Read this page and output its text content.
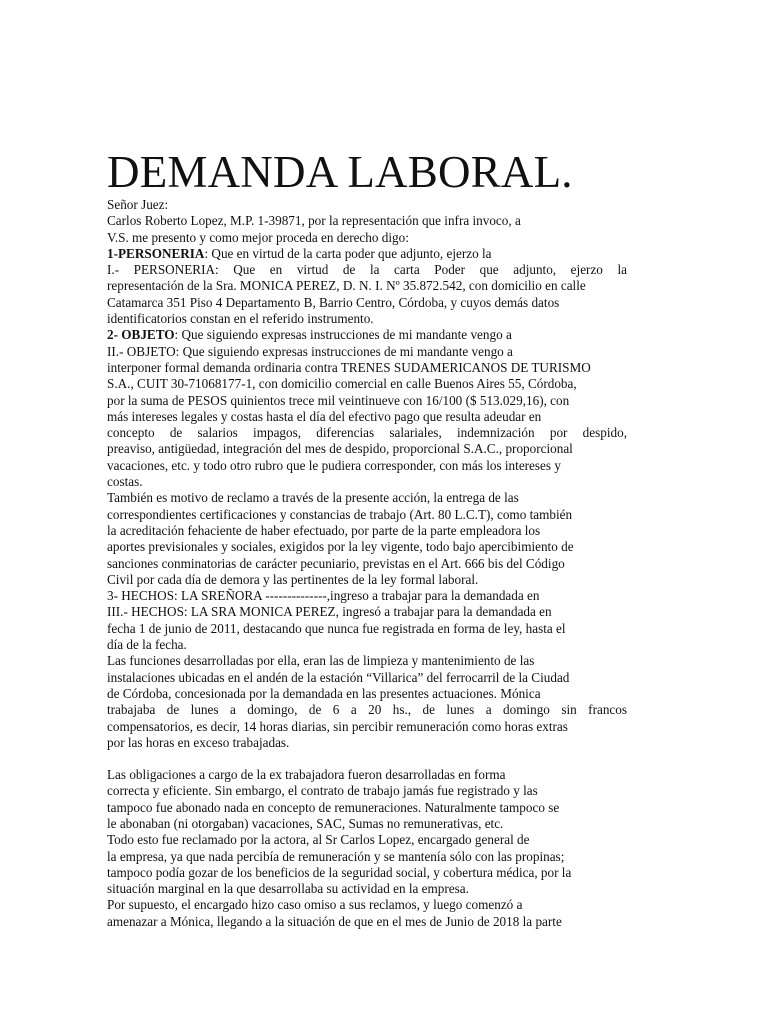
DEMANDA LABORAL.
Señor Juez:
Carlos Roberto Lopez, M.P. 1-39871, por la representación que infra invoco, a
V.S. me presento y como mejor proceda en derecho digo:
1-PERSONERIA: Que en virtud de la carta poder que adjunto, ejerzo la
I.- PERSONERIA: Que en virtud de la carta Poder que adjunto, ejerzo la
representación de la Sra. MONICA PEREZ, D. N. I. Nº 35.872.542, con domicilio en calle
Catamarca 351 Piso 4 Departamento B, Barrio Centro, Córdoba, y cuyos demás datos
identificatorios constan en el referido instrumento.
2- OBJETO: Que siguiendo expresas instrucciones de mi mandante vengo a
II.- OBJETO: Que siguiendo expresas instrucciones de mi mandante vengo a
interponer formal demanda ordinaria contra TRENES SUDAMERICANOS DE TURISMO
S.A., CUIT 30-71068177-1, con domicilio comercial en calle Buenos Aires 55, Córdoba,
por la suma de PESOS quinientos trece mil veintinueve con 16/100 ($ 513.029,16), con
más intereses legales y costas hasta el día del efectivo pago que resulta adeudar en
concepto de salarios impagos, diferencias salariales, indemnización por despido,
preaviso, antigüedad, integración del mes de despido, proporcional S.A.C., proporcional
vacaciones, etc. y todo otro rubro que le pudiera corresponder, con más los intereses y
costas.
También es motivo de reclamo a través de la presente acción, la entrega de las
correspondientes certificaciones y constancias de trabajo (Art. 80 L.C.T), como también
la acreditación fehaciente de haber efectuado, por parte de la parte empleadora los
aportes previsionales y sociales, exigidos por la ley vigente, todo bajo apercibimiento de
sanciones conminatorias de carácter pecuniario, previstas en el Art. 666 bis del Código
Civil por cada día de demora y las pertinentes de la ley formal laboral.
3- HECHOS: LA SREÑORA --------------,ingreso a trabajar para la demandada en
III.- HECHOS: LA SRA MONICA PEREZ, ingresó a trabajar para la demandada en
fecha 1 de junio de 2011, destacando que nunca fue registrada en forma de ley, hasta el
día de la fecha.
Las funciones desarrolladas por ella, eran las de limpieza y mantenimiento de las
instalaciones ubicadas en el andén de la estación “Villarica” del ferrocarril de la Ciudad
de Córdoba, concesionada por la demandada en las presentes actuaciones. Mónica
trabajaba de lunes a domingo, de 6 a 20 hs., de lunes a domingo sin francos
compensatorios, es decir, 14 horas diarias, sin percibir remuneración como horas extras
por las horas en exceso trabajadas.
Las obligaciones a cargo de la ex trabajadora fueron desarrolladas en forma
correcta y eficiente. Sin embargo, el contrato de trabajo jamás fue registrado y las
tampoco fue abonado nada en concepto de remuneraciones. Naturalmente tampoco se
le abonaban (ni otorgaban) vacaciones, SAC, Sumas no remunerativas, etc.
Todo esto fue reclamado por la actora, al Sr Carlos Lopez, encargado general de
la empresa, ya que nada percibía de remuneración y se mantenía sólo con las propinas;
tampoco podía gozar de los beneficios de la seguridad social, y cobertura médica, por la
situación marginal en la que desarrollaba su actividad en la empresa.
Por supuesto, el encargado hizo caso omiso a sus reclamos, y luego comenzó a
amenazar a Mónica, llegando a la situación de que en el mes de Junio de 2018 la parte
